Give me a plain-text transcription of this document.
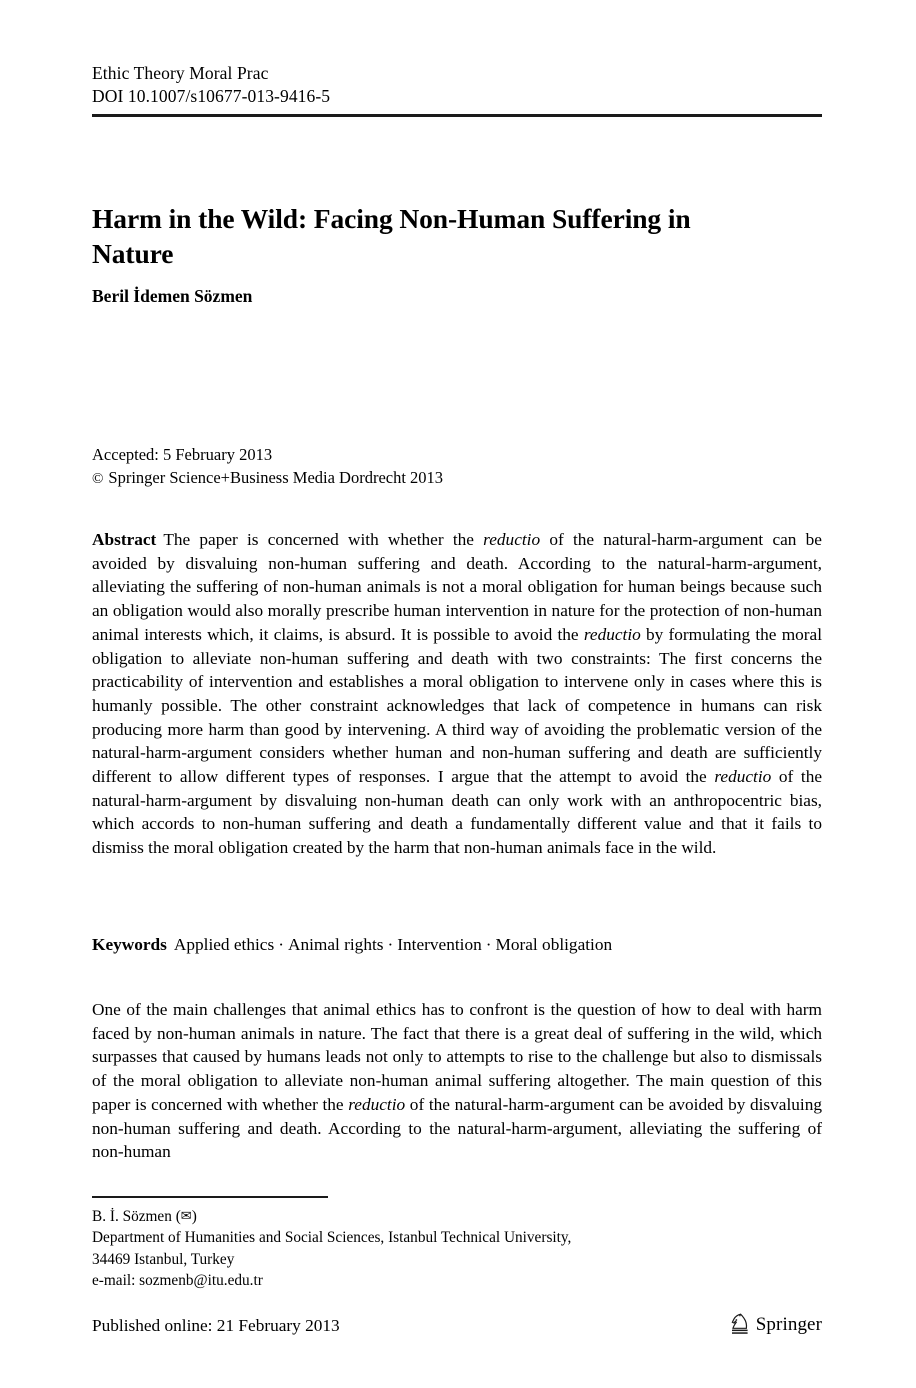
Ethic Theory Moral Prac
DOI 10.1007/s10677-013-9416-5
Harm in the Wild: Facing Non-Human Suffering in Nature
Beril İdemen Sözmen
Accepted: 5 February 2013
© Springer Science+Business Media Dordrecht 2013
Abstract The paper is concerned with whether the reductio of the natural-harm-argument can be avoided by disvaluing non-human suffering and death. According to the natural-harm-argument, alleviating the suffering of non-human animals is not a moral obligation for human beings because such an obligation would also morally prescribe human intervention in nature for the protection of non-human animal interests which, it claims, is absurd. It is possible to avoid the reductio by formulating the moral obligation to alleviate non-human suffering and death with two constraints: The first concerns the practicability of intervention and establishes a moral obligation to intervene only in cases where this is humanly possible. The other constraint acknowledges that lack of competence in humans can risk producing more harm than good by intervening. A third way of avoiding the problematic version of the natural-harm-argument considers whether human and non-human suffering and death are sufficiently different to allow different types of responses. I argue that the attempt to avoid the reductio of the natural-harm-argument by disvaluing non-human death can only work with an anthropocentric bias, which accords to non-human suffering and death a fundamentally different value and that it fails to dismiss the moral obligation created by the harm that non-human animals face in the wild.
Keywords Applied ethics · Animal rights · Intervention · Moral obligation
One of the main challenges that animal ethics has to confront is the question of how to deal with harm faced by non-human animals in nature. The fact that there is a great deal of suffering in the wild, which surpasses that caused by humans leads not only to attempts to rise to the challenge but also to dismissals of the moral obligation to alleviate non-human animal suffering altogether. The main question of this paper is concerned with whether the reductio of the natural-harm-argument can be avoided by disvaluing non-human suffering and death. According to the natural-harm-argument, alleviating the suffering of non-human
B. İ. Sözmen (✉)
Department of Humanities and Social Sciences, Istanbul Technical University,
34469 Istanbul, Turkey
e-mail: sozmenb@itu.edu.tr
Published online: 21 February 2013	Springer
